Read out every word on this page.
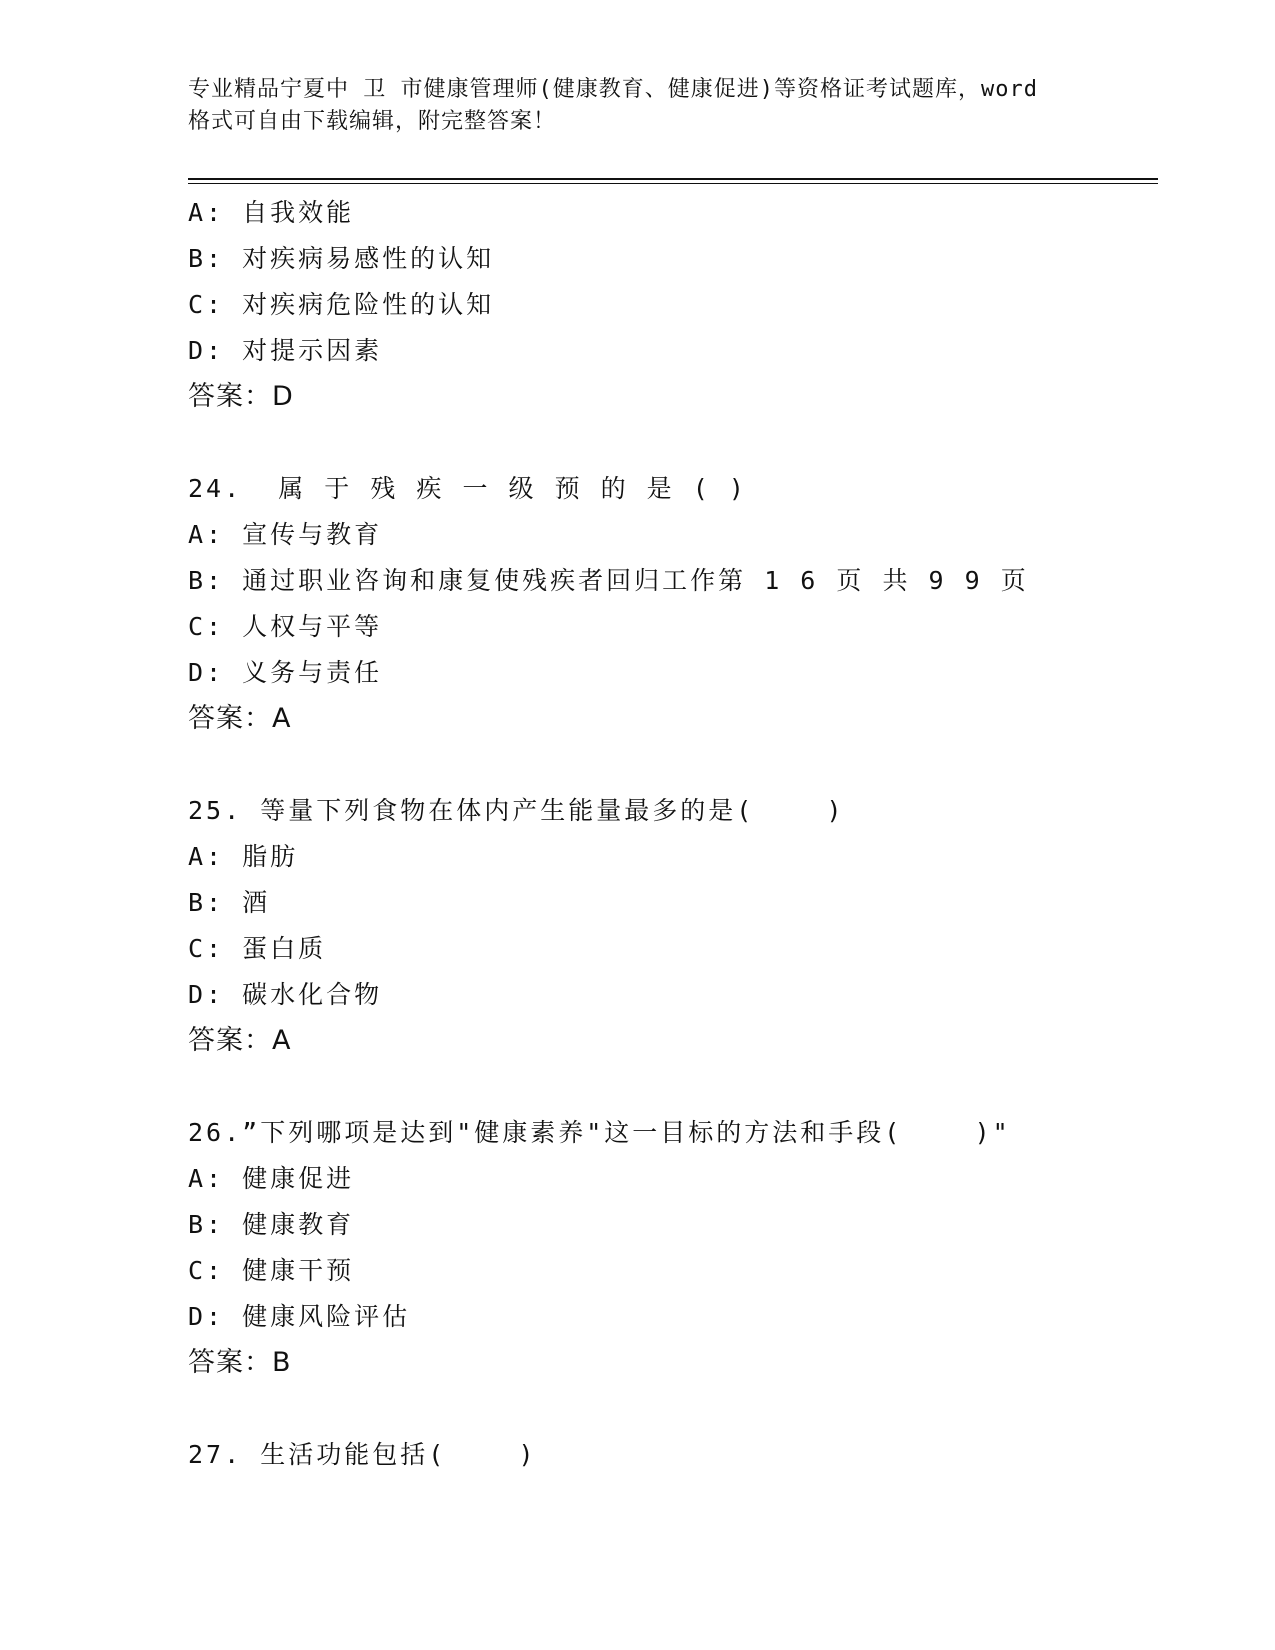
专业精品宁夏中 卫 市健康管理师(健康教育、健康促进)等资格证考试题库，word
格式可自由下载编辑，附完整答案！
A: 自我效能
B: 对疾病易感性的认知
C: 对疾病危险性的认知
D: 对提示因素
答案：D
24.  属 于 残 疾 一 级 预 的 是 ( )
A: 宣传与教育
B: 通过职业咨询和康复使残疾者回归工作第 1 6 页 共 9 9 页
C: 人权与平等
D: 义务与责任
答案：A
25. 等量下列食物在体内产生能量最多的是(    )
A: 脂肪
B: 酒
C: 蛋白质
D: 碳水化合物
答案：A
26.”下列哪项是达到"健康素养"这一目标的方法和手段(    )"
A: 健康促进
B: 健康教育
C: 健康干预
D: 健康风险评估
答案：B
27. 生活功能包括(    )
